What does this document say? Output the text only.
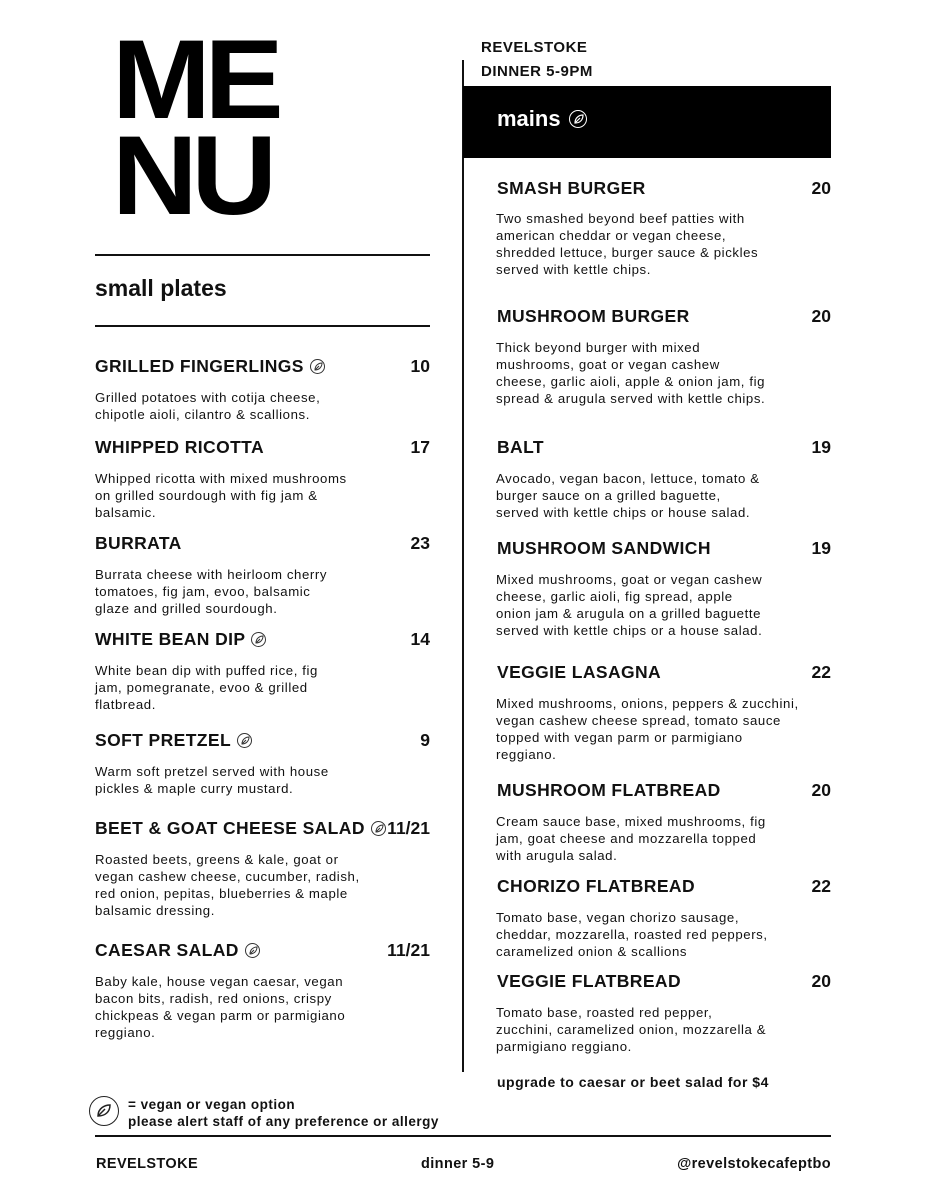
ME
NU
REVELSTOKE
DINNER 5-9PM
small plates
mains
GRILLED FINGERLINGS	10
Grilled potatoes with cotija cheese,
chipotle aioli, cilantro & scallions.
WHIPPED RICOTTA	17
Whipped ricotta with mixed mushrooms
on grilled sourdough with fig jam &
balsamic.
BURRATA	23
Burrata cheese with heirloom cherry
tomatoes, fig jam, evoo, balsamic
glaze and grilled sourdough.
WHITE BEAN DIP	14
White bean dip with puffed rice, fig
jam, pomegranate, evoo & grilled
flatbread.
SOFT PRETZEL	9
Warm soft pretzel served with house
pickles & maple curry mustard.
BEET & GOAT CHEESE SALAD	11/21
Roasted beets, greens & kale, goat or
vegan cashew cheese, cucumber, radish,
red onion, pepitas, blueberries & maple
balsamic dressing.
CAESAR SALAD	11/21
Baby kale, house vegan caesar, vegan
bacon bits, radish, red onions, crispy
chickpeas & vegan parm or parmigiano
reggiano.
SMASH BURGER	20
Two smashed beyond beef patties with
american cheddar or vegan cheese,
shredded lettuce, burger sauce & pickles
served with kettle chips.
MUSHROOM BURGER	20
Thick beyond burger with mixed
mushrooms, goat or vegan cashew
cheese, garlic aioli, apple & onion jam, fig
spread & arugula served with kettle chips.
BALT	19
Avocado, vegan bacon, lettuce, tomato &
burger sauce on a grilled baguette,
served with kettle chips or house salad.
MUSHROOM SANDWICH	19
Mixed mushrooms, goat or vegan cashew
cheese, garlic aioli, fig spread, apple
onion jam & arugula on a grilled baguette
served with kettle chips or a house salad.
VEGGIE LASAGNA	22
Mixed mushrooms, onions, peppers & zucchini,
vegan cashew cheese spread, tomato sauce
topped with vegan parm or parmigiano
reggiano.
MUSHROOM FLATBREAD	20
Cream sauce base, mixed mushrooms, fig
jam, goat cheese and mozzarella topped
with arugula salad.
CHORIZO FLATBREAD	22
Tomato base, vegan chorizo sausage,
cheddar, mozzarella, roasted red peppers,
caramelized onion & scallions
VEGGIE FLATBREAD	20
Tomato base, roasted red pepper,
zucchini, caramelized onion, mozzarella &
parmigiano reggiano.
upgrade to caesar or beet salad for $4
= vegan or vegan option
please alert staff of any preference or allergy
REVELSTOKE	dinner 5-9	@revelstokecafeptbo
